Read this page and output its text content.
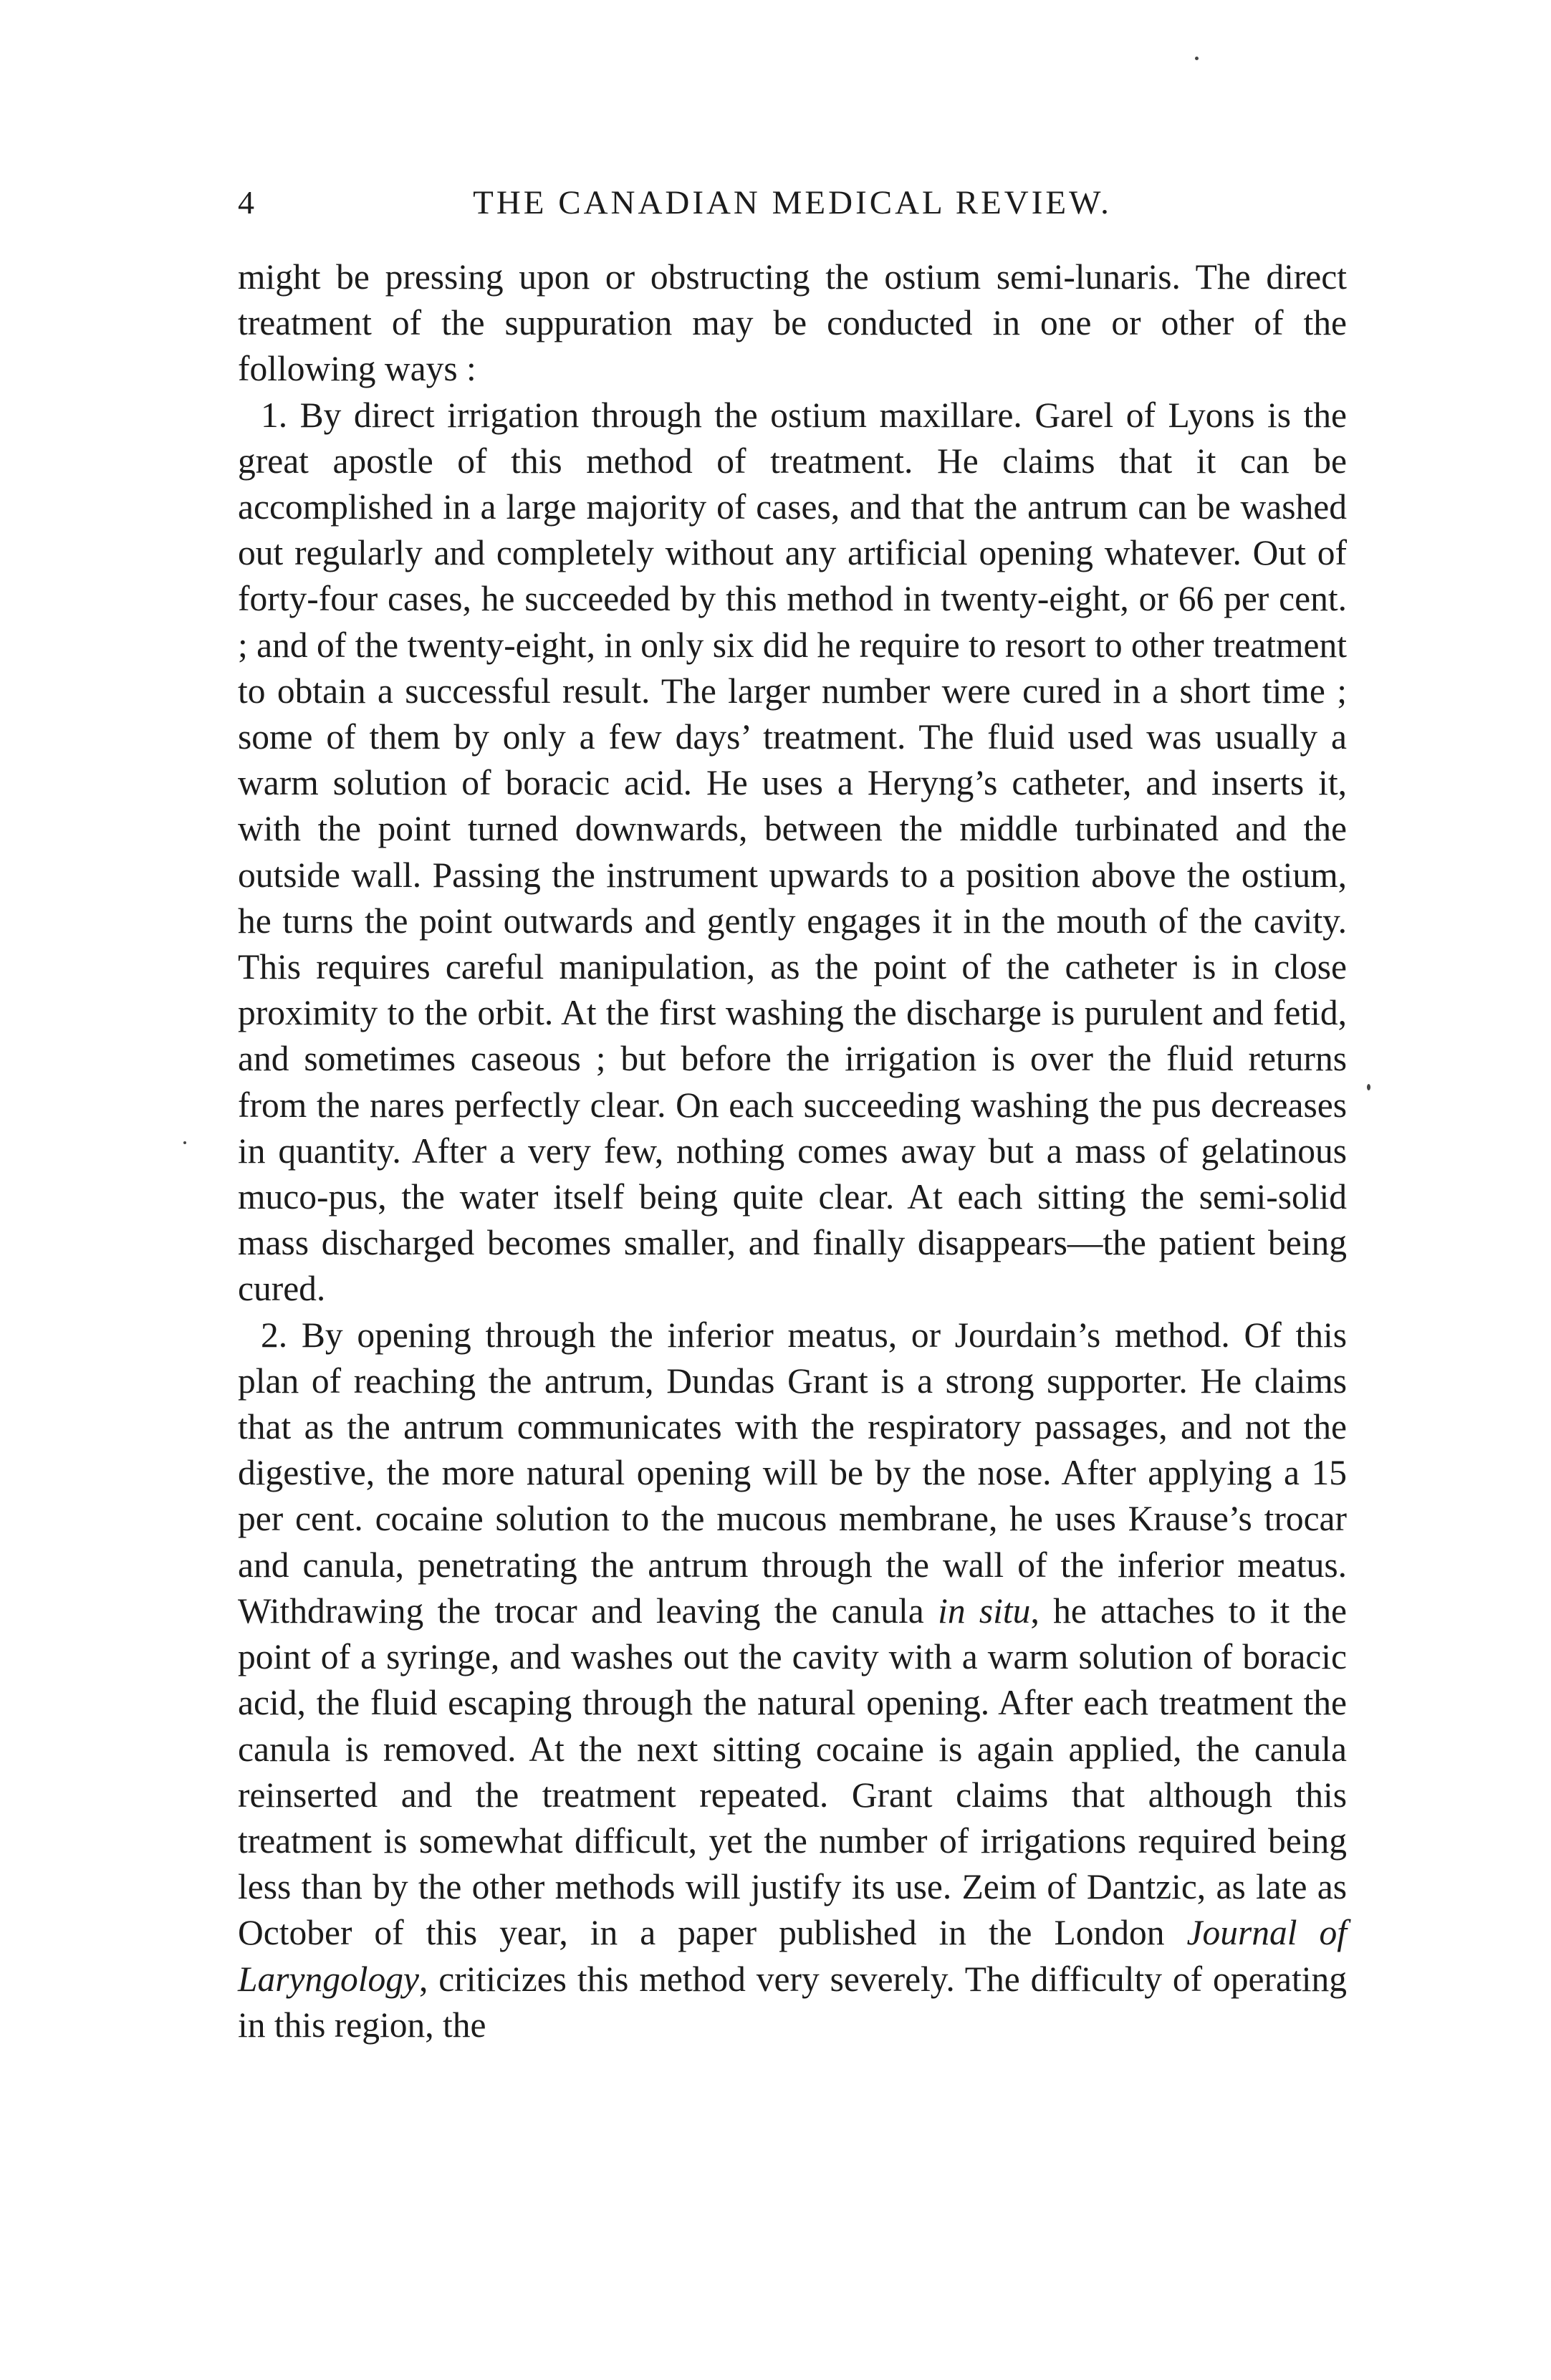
4	THE CANADIAN MEDICAL REVIEW.

might be pressing upon or obstructing the ostium semi-lunaris. The direct treatment of the suppuration may be conducted in one or other of the following ways :

1. By direct irrigation through the ostium maxillare. Garel of Lyons is the great apostle of this method of treatment. He claims that it can be accomplished in a large majority of cases, and that the antrum can be washed out regularly and completely without any artificial opening whatever. Out of forty-four cases, he succeeded by this method in twenty-eight, or 66 per cent. ; and of the twenty-eight, in only six did he require to resort to other treatment to obtain a successful result. The larger number were cured in a short time ; some of them by only a few days’ treatment. The fluid used was usually a warm solution of boracic acid. He uses a Heryng’s catheter, and inserts it, with the point turned downwards, between the middle turbinated and the outside wall. Passing the instrument upwards to a position above the ostium, he turns the point outwards and gently engages it in the mouth of the cavity. This requires careful manipulation, as the point of the catheter is in close proximity to the orbit. At the first washing the discharge is purulent and fetid, and sometimes caseous ; but before the irrigation is over the fluid returns from the nares perfectly clear. On each succeeding washing the pus decreases in quantity. After a very few, nothing comes away but a mass of gelatinous muco-pus, the water itself being quite clear. At each sitting the semi-solid mass discharged becomes smaller, and finally disappears—the patient being cured.

2. By opening through the inferior meatus, or Jourdain’s method. Of this plan of reaching the antrum, Dundas Grant is a strong supporter. He claims that as the antrum communicates with the respiratory passages, and not the digestive, the more natural opening will be by the nose. After applying a 15 per cent. cocaine solution to the mucous membrane, he uses Krause’s trocar and canula, penetrating the antrum through the wall of the inferior meatus. Withdrawing the trocar and leaving the canula in situ, he attaches to it the point of a syringe, and washes out the cavity with a warm solution of boracic acid, the fluid escaping through the natural opening. After each treatment the canula is removed. At the next sitting cocaine is again applied, the canula reinserted and the treatment repeated. Grant claims that although this treatment is somewhat difficult, yet the number of irrigations required being less than by the other methods will justify its use. Zeim of Dantzic, as late as October of this year, in a paper published in the London Journal of Laryngology, criticizes this method very severely. The difficulty of operating in this region, the
